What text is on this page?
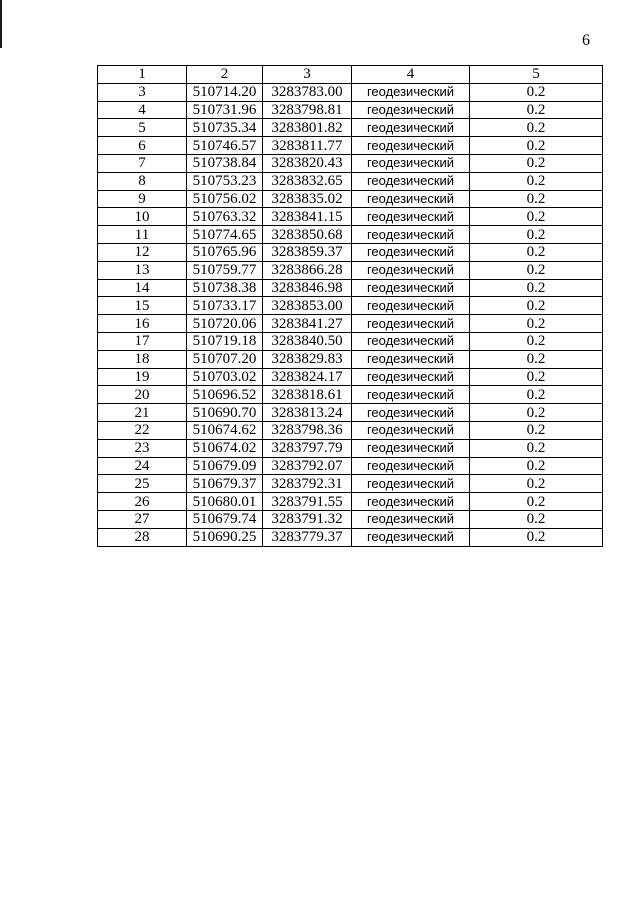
6
1	2	3	4	5
3	510714.20	3283783.00	геодезический	0.2
4	510731.96	3283798.81	геодезический	0.2
5	510735.34	3283801.82	геодезический	0.2
6	510746.57	3283811.77	геодезический	0.2
7	510738.84	3283820.43	геодезический	0.2
8	510753.23	3283832.65	геодезический	0.2
9	510756.02	3283835.02	геодезический	0.2
10	510763.32	3283841.15	геодезический	0.2
11	510774.65	3283850.68	геодезический	0.2
12	510765.96	3283859.37	геодезический	0.2
13	510759.77	3283866.28	геодезический	0.2
14	510738.38	3283846.98	геодезический	0.2
15	510733.17	3283853.00	геодезический	0.2
16	510720.06	3283841.27	геодезический	0.2
17	510719.18	3283840.50	геодезический	0.2
18	510707.20	3283829.83	геодезический	0.2
19	510703.02	3283824.17	геодезический	0.2
20	510696.52	3283818.61	геодезический	0.2
21	510690.70	3283813.24	геодезический	0.2
22	510674.62	3283798.36	геодезический	0.2
23	510674.02	3283797.79	геодезический	0.2
24	510679.09	3283792.07	геодезический	0.2
25	510679.37	3283792.31	геодезический	0.2
26	510680.01	3283791.55	геодезический	0.2
27	510679.74	3283791.32	геодезический	0.2
28	510690.25	3283779.37	геодезический	0.2
